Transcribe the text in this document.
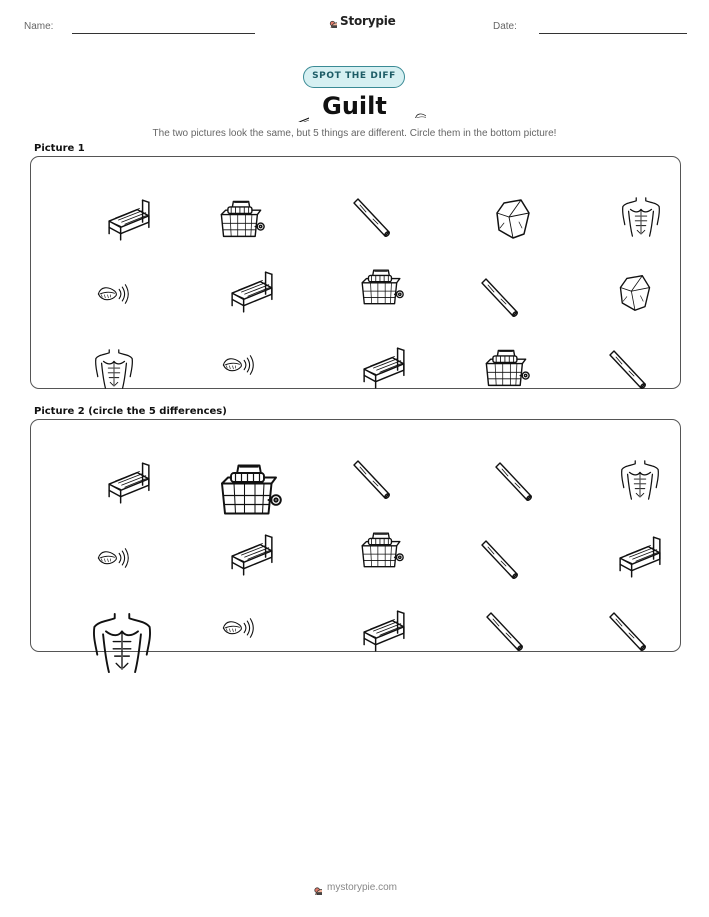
Name:	Storypie	Date:
SPOT THE DIFF
Guilt
The two pictures look the same, but 5 things are different. Circle them in the bottom picture!
Picture 1
Picture 2 (circle the 5 differences)
mystorypie.com
